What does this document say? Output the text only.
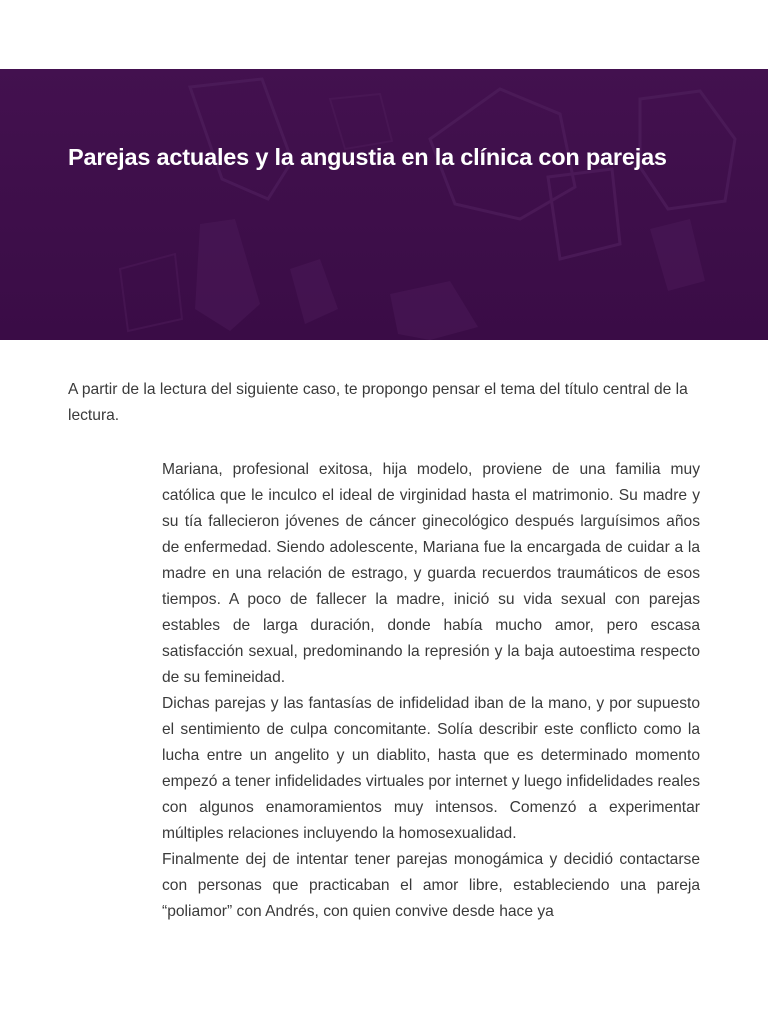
Parejas actuales y la angustia en la clínica con parejas

A partir de la lectura del siguiente caso, te propongo pensar el tema del título central de la lectura.

Mariana, profesional exitosa, hija modelo, proviene de una familia muy católica que le inculco el ideal de virginidad hasta el matrimonio. Su madre y su tía fallecieron jóvenes de cáncer ginecológico después larguísimos años de enfermedad. Siendo adolescente, Mariana fue la encargada de cuidar a la madre en una relación de estrago, y guarda recuerdos traumáticos de esos tiempos. A poco de fallecer la madre, inició su vida sexual con parejas estables de larga duración, donde había mucho amor, pero escasa satisfacción sexual, predominando la represión y la baja autoestima respecto de su femineidad.

Dichas parejas y las fantasías de infidelidad iban de la mano, y por supuesto el sentimiento de culpa concomitante. Solía describir este conflicto como la lucha entre un angelito y un diablito, hasta que es determinado momento empezó a tener infidelidades virtuales por internet y luego infidelidades reales con algunos enamoramientos muy intensos. Comenzó a experimentar múltiples relaciones incluyendo la homosexualidad.

Finalmente dej de intentar tener parejas monogámica y decidió contactarse con personas que practicaban el amor libre, estableciendo una pareja “poliamor” con Andrés, con quien convive desde hace ya
